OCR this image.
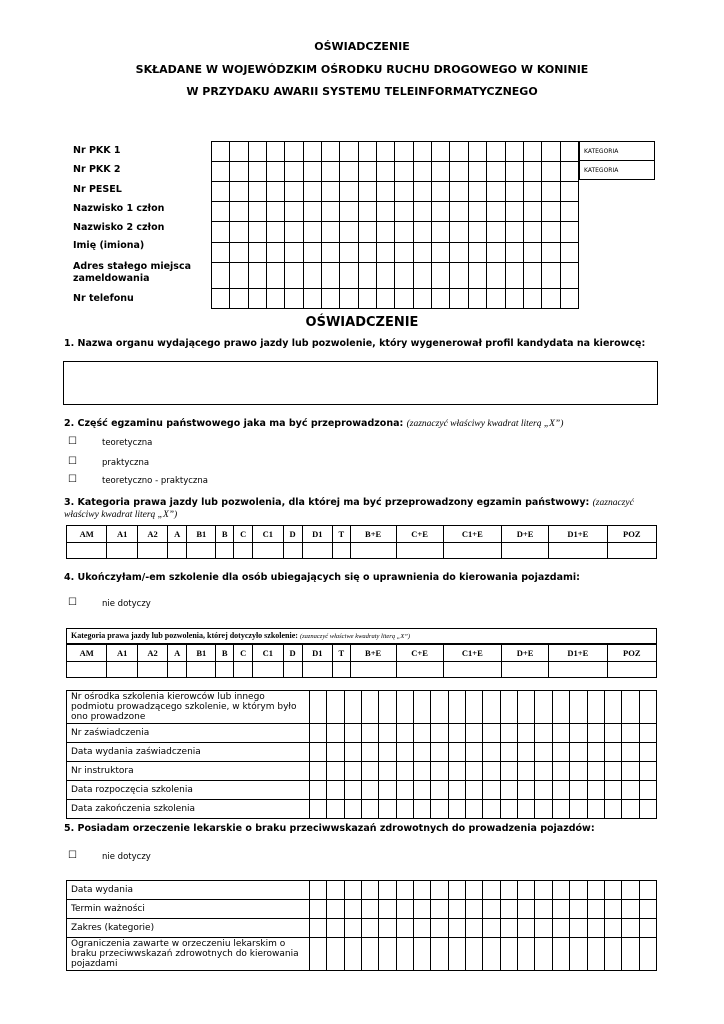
OŚWIADCZENIE
SKŁADANE W WOJEWÓDZKIM OŚRODKU RUCHU DROGOWEGO W KONINIE
W PRZYDAKU AWARII SYSTEMU TELEINFORMATYCZNEGO
Nr PKK 1
Nr PKK 2
Nr PESEL
Nazwisko 1 człon
Nazwisko 2 człon
Imię (imiona)
Adres stałego miejsca
zameldowania
Nr telefonu

KATEGORIA
KATEGORIA
OŚWIADCZENIE
1. Nazwa organu wydającego prawo jazdy lub pozwolenie, który wygenerował profil kandydata na kierowcę:
2. Część egzaminu państwowego jaka ma być przeprowadzona: (zaznaczyć właściwy kwadrat literą „X”)
☐	teoretyczna
☐	praktyczna
☐	teoretyczno - praktyczna
3. Kategoria prawa jazdy lub pozwolenia, dla której ma być przeprowadzony egzamin państwowy: (zaznaczyć właściwy kwadrat literą „X”)
AM	A1	A2	A	B1	B	C	C1	D	D1	T	B+E	C+E	C1+E	D+E	D1+E	POZ

4. Ukończyłam/-em szkolenie dla osób ubiegających się o uprawnienia do kierowania pojazdami:
☐	nie dotyczy
Kategoria prawa jazdy lub pozwolenia, której dotyczyło szkolenie: (zaznaczyć właściwe kwadraty literą „X”)
AM	A1	A2	A	B1	B	C	C1	D	D1	T	B+E	C+E	C1+E	D+E	D1+E	POZ

Nr ośrodka szkolenia kierowców lub innego podmiotu prowadzącego szkolenie, w którym było ono prowadzone																				
Nr zaświadczenia																				
Data wydania zaświadczenia																				
Nr instruktora																				
Data rozpoczęcia szkolenia																				
Data zakończenia szkolenia																				
5. Posiadam orzeczenie lekarskie o braku przeciwwskazań zdrowotnych do prowadzenia pojazdów:
☐	nie dotyczy
Data wydania																				
Termin ważności																				
Zakres (kategorie)																				
Ograniczenia zawarte w orzeczeniu lekarskim o braku przeciwwskazań zdrowotnych do kierowania pojazdami																				
